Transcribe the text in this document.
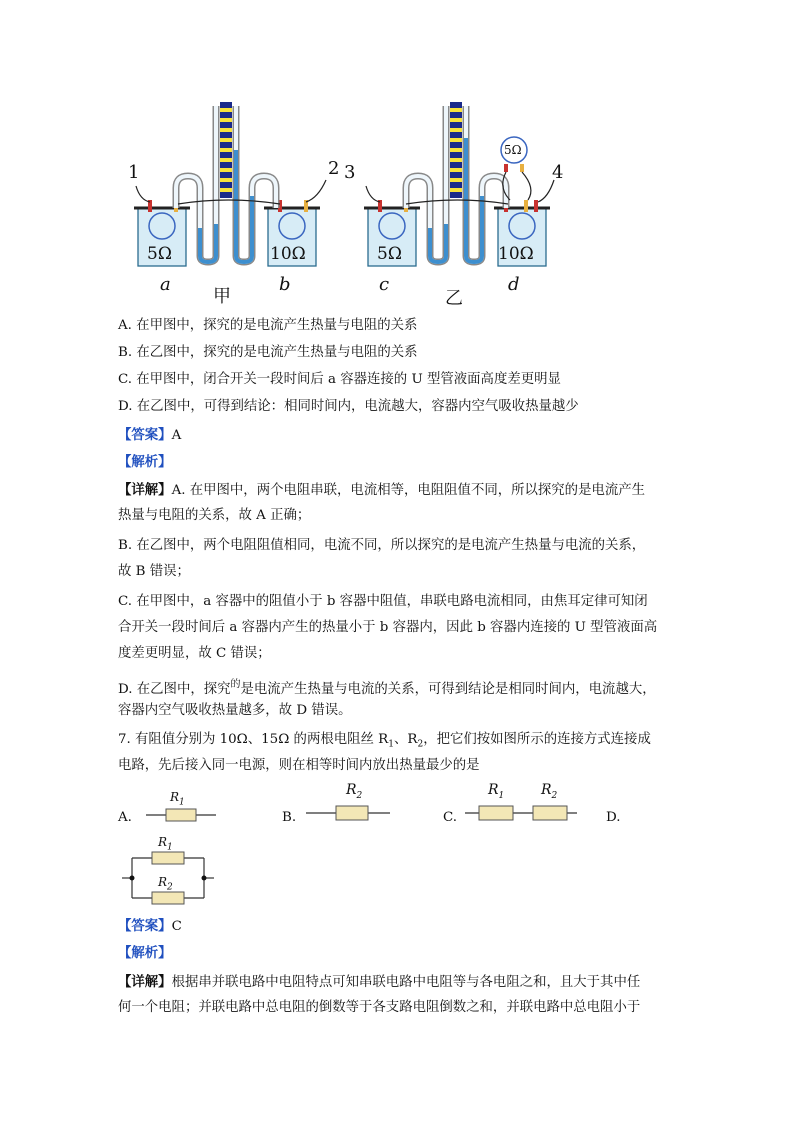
1	2 3	4
5Ω	10Ω	5Ω	10Ω
5Ω
a	b	c	d
甲	乙
A. 在甲图中，探究的是电流产生热量与电阻的关系
B. 在乙图中，探究的是电流产生热量与电阻的关系
C. 在甲图中，闭合开关一段时间后 a 容器连接的 U 型管液面高度差更明显
D. 在乙图中，可得到结论：相同时间内，电流越大，容器内空气吸收热量越少
【答案】A
【解析】
【详解】A. 在甲图中，两个电阻串联，电流相等，电阻阻值不同，所以探究的是电流产生
热量与电阻的关系，故 A 正确；
B. 在乙图中，两个电阻阻值相同，电流不同，所以探究的是电流产生热量与电流的关系，
故 B 错误；
C. 在甲图中，a 容器中的阻值小于 b 容器中阻值，串联电路电流相同，由焦耳定律可知闭
合开关一段时间后 a 容器内产生的热量小于 b 容器内，因此 b 容器内连接的 U 型管液面高
度差更明显，故 C 错误；
D. 在乙图中，探究$^的$是电流产生热量与电流的关系，可得到结论是相同时间内，电流越大，
容器内空气吸收热量越多，故 D 错误。
7. 有阻值分别为 10Ω、15Ω 的两根电阻丝 $R_1$、$R_2$，把它们按如图所示的连接方式连接成
电路，先后接入同一电源，则在相等时间内放出热量最少的是
A.	B.	C.	D.
$R_1$
$R_2$	$R_1$	$R_2$
$R_1$
$R_2$
【答案】C
【解析】
【详解】根据串并联电路中电阻特点可知串联电路中电阻等与各电阻之和，且大于其中任
何一个电阻；并联电路中总电阻的倒数等于各支路电阻倒数之和，并联电路中总电阻小于
